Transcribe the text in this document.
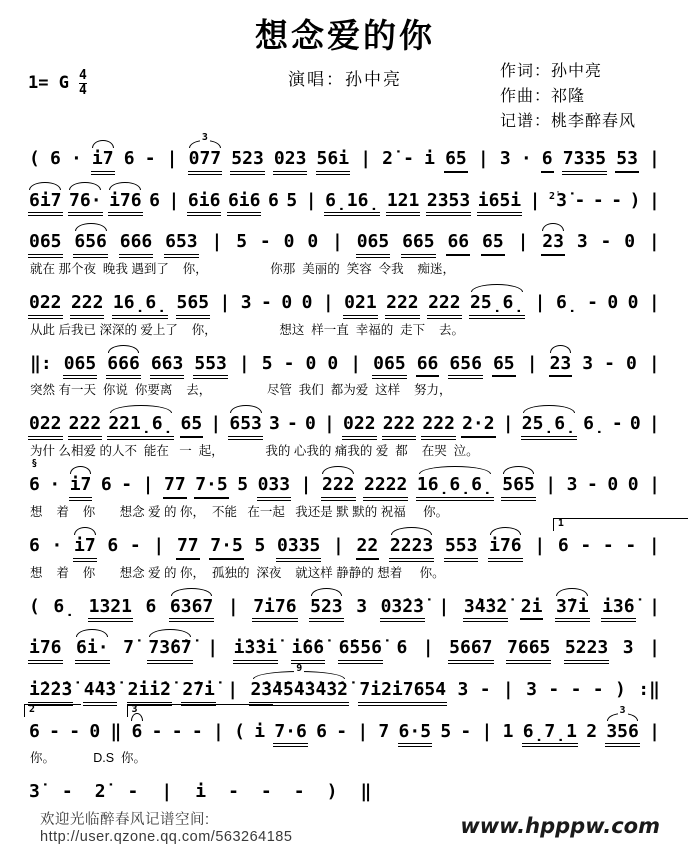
想念爱的你
1= G $\frac{4}{4}$	演唱：孙中亮	作词：孙中亮
作曲：祁隆
记谱：桃李醉春风
( 6 · i7 6 - |
3
077 523 023 56i | 2̇ - i 65 | 3 · 6 7335 53 |
6i7 76· i76 6 | 6i6 6i6 6 5 | 6̣16̣ 121 2353 i65i | $^{2̇}$3̇ - - - ) |
065 656 666 653 | 5 - 0 0 | 065 665 66 65 | 23 3 - 0 |
就在 那个夜  晚我 遇到了    你，                  你那  美丽的  笑容  令我    痴迷，
022 222 16̣6̣ 565 | 3 - 0 0 | 021 222 222 25̣6̣ | 6̣ - 0 0 |
从此 后我已 深深的 爱上了    你，                  想这  样一直  幸福的  走下    去。
‖: 065 666 663 553 | 5 - 0 0 | 065 66 656 65 | 23 3 - 0 |
突然 有一天  你说  你要离    去，                尽管  我们  都为爱  这样    努力，
022 222 221̣6̣ 65 | 653 3 - 0 | 022 222 222 2·2 | 25̣6̣ 6̣ - 0 |
为什 么相爱 的人不  能在   一  起，            我的 心我的 痛我的 爱  都    在哭  泣。
§
6 · i7 6 - | 77 7·5 5 033 | 222 2222 16̣6̣6̣ 565 | 3 - 0 0 |
想    着    你       想念 爱 的 你，  不能   在一起   我还是 默 默的 祝福     你。
6 · i7 6 - | 77 7·5 5 0335 | 22 2223 553 i76 |
1
6 - - - |
想    着    你       想念 爱 的 你，  孤独的  深夜    就这样 静静的 想着     你。
( 6̣ 1321 6 6367 | 7i76 523 3 03̇2̇3̇ | 3̇4̇3̇2̇ 2̇i 3̇7i i3̇6̇ |
i76 6i· 7̇ 73̇6̇7̇ | i̇3̇3̇i̇ i̇6̇6̇ 6̇556̇ 6 | 5667 7665 5223 3 |
i̇2̇2̇3̇ 4̇4̇3̇ 2̇i̇i̇2̇ 2̇7i̇ |
9
2̇3̇4̇5̇4̇3̇4̇3̇2̇ 7i2̇i7654 3 - | 3 - - - ) :‖
2
6 - - 0 ‖
3
6 - - - | ( i 7·6 6 - | 7 6·5 5 - | 1 6̣7̣1 2
3
356 |
你。           D.S  你。
3̇ - 2̇ - | i - - - ) ‖
欢迎光临醉春风记谱空间: http://user.qzone.qq.com/563264185	www.hpppw.com
